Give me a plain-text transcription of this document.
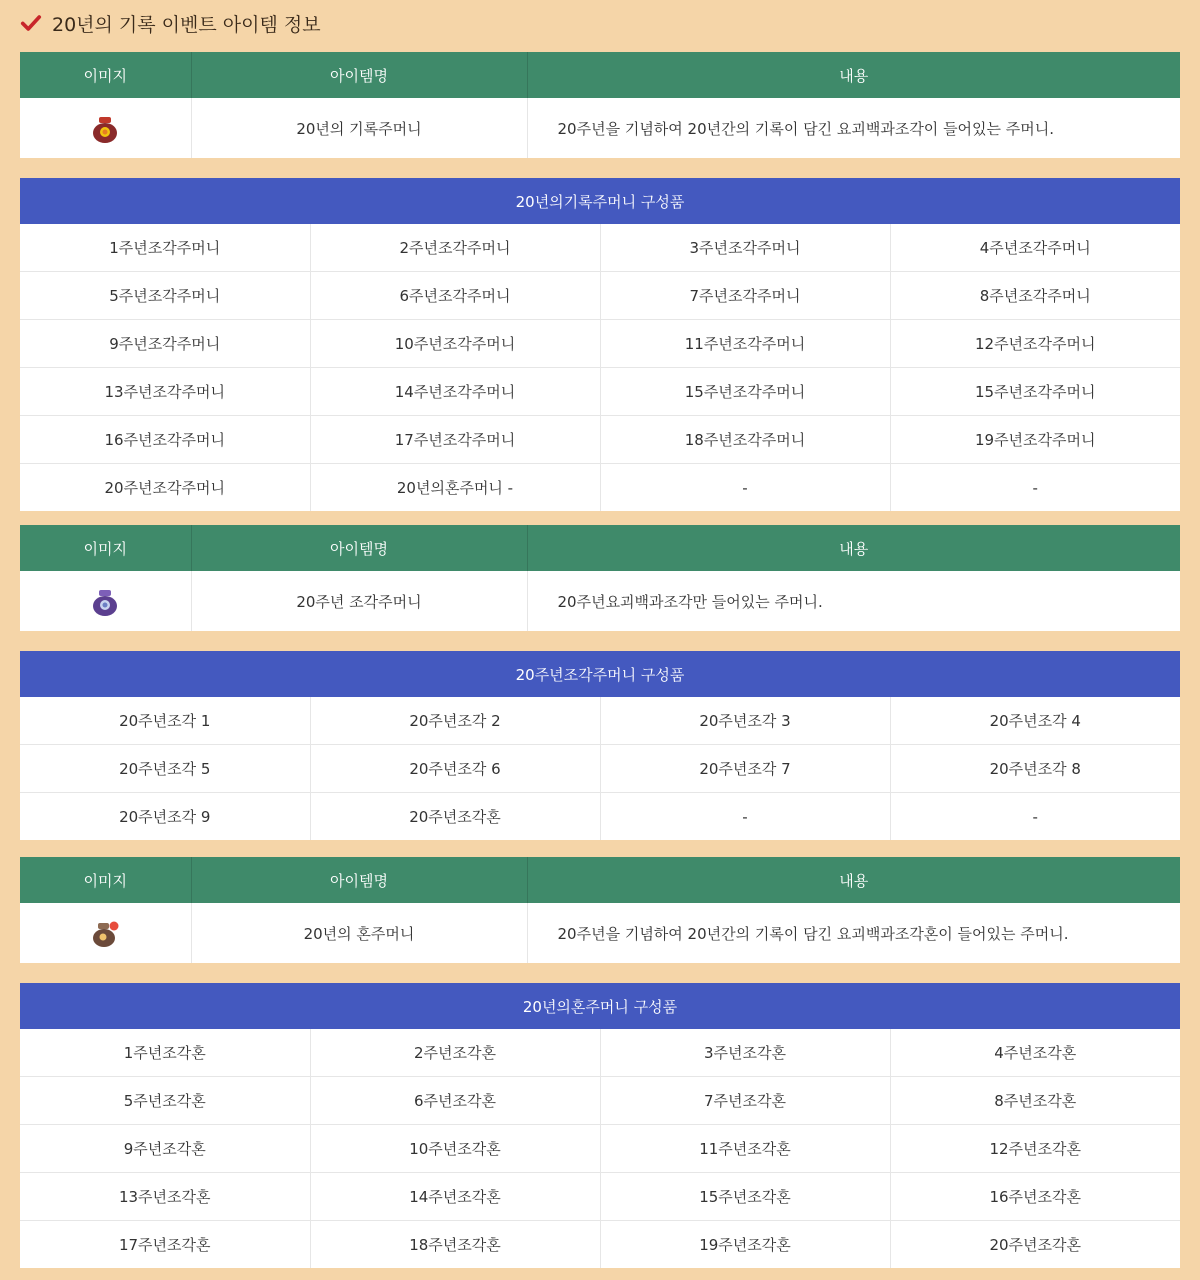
20년의 기록 이벤트 아이템 정보
이미지	아이템명	내용
	20년의 기록주머니	20주년을 기념하여 20년간의 기록이 담긴 요괴백과조각이 들어있는 주머니.
20년의기록주머니 구성품			
1주년조각주머니	2주년조각주머니	3주년조각주머니	4주년조각주머니
5주년조각주머니	6주년조각주머니	7주년조각주머니	8주년조각주머니
9주년조각주머니	10주년조각주머니	11주년조각주머니	12주년조각주머니
13주년조각주머니	14주년조각주머니	15주년조각주머니	15주년조각주머니
16주년조각주머니	17주년조각주머니	18주년조각주머니	19주년조각주머니
20주년조각주머니	20년의혼주머니 -	-	-
이미지	아이템명	내용
	20주년 조각주머니	20주년요괴백과조각만 들어있는 주머니.
20주년조각주머니 구성품			
20주년조각 1	20주년조각 2	20주년조각 3	20주년조각 4
20주년조각 5	20주년조각 6	20주년조각 7	20주년조각 8
20주년조각 9	20주년조각혼	-	-
이미지	아이템명	내용
	20년의 혼주머니	20주년을 기념하여 20년간의 기록이 담긴 요괴백과조각혼이 들어있는 주머니.
20년의혼주머니 구성품			
1주년조각혼	2주년조각혼	3주년조각혼	4주년조각혼
5주년조각혼	6주년조각혼	7주년조각혼	8주년조각혼
9주년조각혼	10주년조각혼	11주년조각혼	12주년조각혼
13주년조각혼	14주년조각혼	15주년조각혼	16주년조각혼
17주년조각혼	18주년조각혼	19주년조각혼	20주년조각혼
